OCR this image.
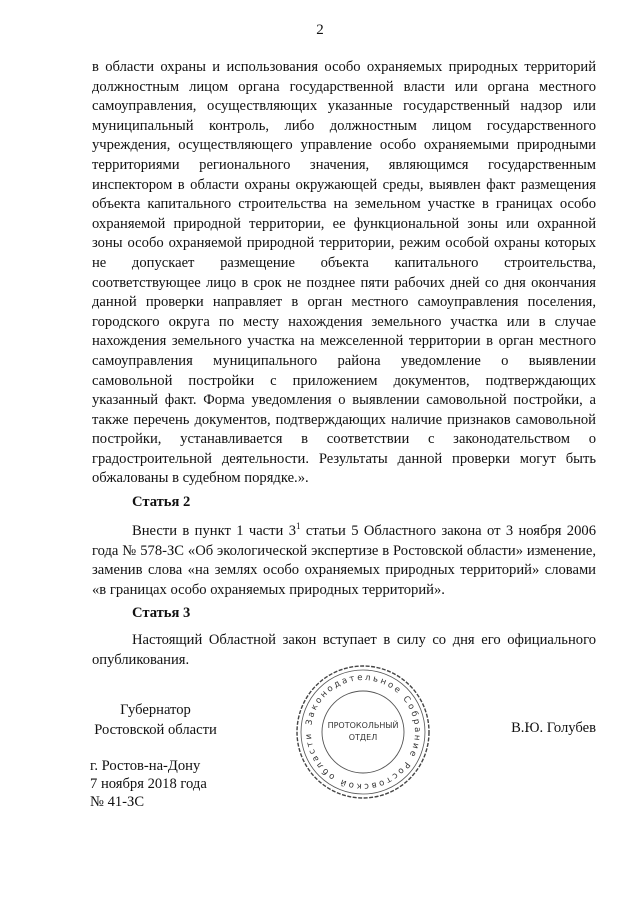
2

в области охраны и использования особо охраняемых природных территорий должностным лицом органа государственной власти или органа местного самоуправления, осуществляющих указанные государственный надзор или муниципальный контроль, либо должностным лицом государственного учреждения, осуществляющего управление особо охраняемыми природными территориями регионального значения, являющимся государственным инспектором в области охраны окружающей среды, выявлен факт размещения объекта капитального строительства на земельном участке в границах особо охраняемой природной территории, ее функциональной зоны или охранной зоны особо охраняемой природной территории, режим особой охраны которых не допускает размещение объекта капитального строительства, соответствующее лицо в срок не позднее пяти рабочих дней со дня окончания данной проверки направляет в орган местного самоуправления поселения, городского округа по месту нахождения земельного участка или в случае нахождения земельного участка на межселенной территории в орган местного самоуправления муниципального района уведомление о выявлении самовольной постройки с приложением документов, подтверждающих указанный факт. Форма уведомления о выявлении самовольной постройки, а также перечень документов, подтверждающих наличие признаков самовольной постройки, устанавливается в соответствии с законодательством о градостроительной деятельности. Результаты данной проверки могут быть обжалованы в судебном порядке.».

Статья 2
Внести в пункт 1 части $3^1$ статьи 5 Областного закона от 3 ноября 2006 года № 578-ЗС «Об экологической экспертизе в Ростовской области» изменение, заменив слова «на землях особо охраняемых природных территорий» словами «в границах особо охраняемых природных территорий».
Статья 3
Настоящий Областной закон вступает в силу со дня его официального опубликования.
Губернатор
Ростовской области	В.Ю. Голубев
г. Ростов-на-Дону
7 ноября 2018 года
№ 41-ЗС
Законодательное Собрание Ростовской области
ПРОТОКОЛЬНЫЙ
ОТДЕЛ
